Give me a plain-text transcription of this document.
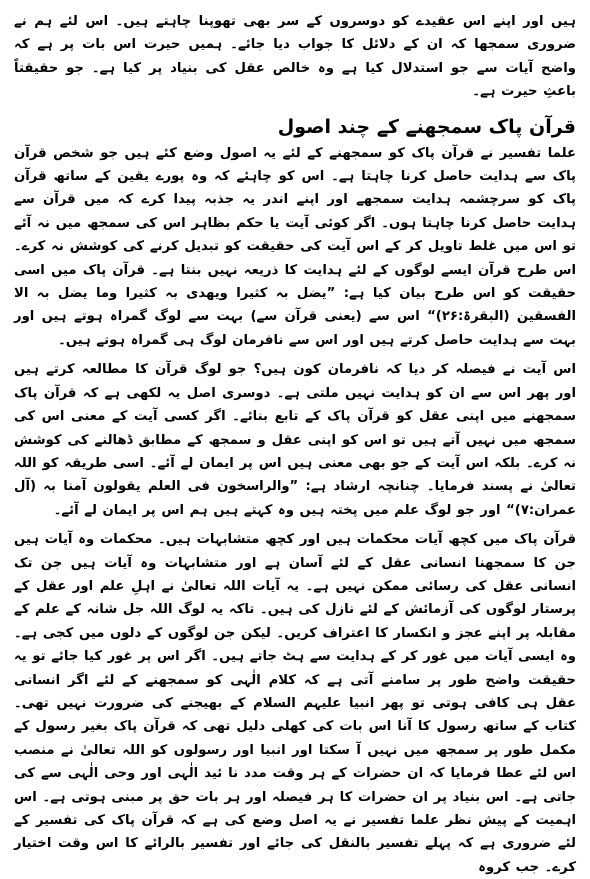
ہیں اور اپنے اس عقیدے کو دوسروں کے سر بھی تھوپنا چاہتے ہیں۔ اس لئے ہم نے ضروری سمجھا کہ ان کے دلائل کا جواب دیا جائے۔ ہمیں حیرت اس بات پر ہے کہ واضح آیات سے جو استدلال کیا ہے وہ خالص عقل کی بنیاد پر کیا ہے۔ جو حقیقتاً باعثِ حیرت ہے۔

قرآن پاک سمجھنے کے چند اصول

علما تفسیر نے قرآن پاک کو سمجھنے کے لئے یہ اصول وضع کئے ہیں جو شخص قرآن پاک سے ہدایت حاصل کرنا چاہتا ہے۔ اس کو چاہئے کہ وہ پورے یقین کے ساتھ قرآن پاک کو سرچشمہ ہدایت سمجھے اور اپنے اندر یہ جذبہ پیدا کرے کہ میں قرآن سے ہدایت حاصل کرنا چاہتا ہوں۔ اگر کوئی آیت یا حکم بظاہر اس کی سمجھ میں نہ آئے تو اس میں غلط تاویل کر کے اس آیت کی حقیقت کو تبدیل کرنے کی کوشش نہ کرے۔ اس طرح قرآن ایسے لوگوں کے لئے ہدایت کا ذریعہ نہیں بنتا ہے۔ قرآن پاک میں اسی حقیقت کو اس طرح بیان کیا ہے: ”یضل بہ کثیرا ویھدی بہ کثیرا وما یضل بہ الا الفسقین (البقرۃ:۲۶)“ اس سے (یعنی قرآن سے) بہت سے لوگ گمراہ ہوتے ہیں اور بہت سے ہدایت حاصل کرتے ہیں اور اس سے نافرمان لوگ ہی گمراہ ہوتے ہیں۔

اس آیت نے فیصلہ کر دیا کہ نافرمان کون ہیں؟ جو لوگ قرآن کا مطالعہ کرتے ہیں اور پھر اس سے ان کو ہدایت نہیں ملتی ہے۔ دوسری اصل یہ لکھی ہے کہ قرآن پاک سمجھنے میں اپنی عقل کو قرآن پاک کے تابع بنائے۔ اگر کسی آیت کے معنی اس کی سمجھ میں نہیں آتے ہیں تو اس کو اپنی عقل و سمجھ کے مطابق ڈھالنے کی کوشش نہ کرے۔ بلکہ اس آیت کے جو بھی معنی ہیں اس پر ایمان لے آئے۔ اسی طریقہ کو اللہ تعالیٰ نے پسند فرمایا۔ چنانچہ ارشاد ہے: ”والراسخون فی العلم یقولون آمنا بہ (آل عمران:۷)“ اور جو لوگ علم میں پختہ ہیں وہ کہتے ہیں ہم اس پر ایمان لے آئے۔

قرآن پاک میں کچھ آیات محکمات ہیں اور کچھ متشابہات ہیں۔ محکمات وہ آیات ہیں جن کا سمجھنا انسانی عقل کے لئے آسان ہے اور متشابہات وہ آیات ہیں جن تک انسانی عقل کی رسائی ممکن نہیں ہے۔ یہ آیات اللہ تعالیٰ نے اہلِ علم اور عقل کے پرستار لوگوں کی آزمائش کے لئے نازل کی ہیں۔ تاکہ یہ لوگ اللہ جل شانہ کے علم کے مقابلہ پر اپنے عجز و انکسار کا اعتراف کریں۔ لیکن جن لوگوں کے دلوں میں کجی ہے۔ وہ ایسی آیات میں غور کر کے ہدایت سے ہٹ جاتے ہیں۔ اگر اس پر غور کیا جائے تو یہ حقیقت واضح طور پر سامنے آتی ہے کہ کلام الٰہی کو سمجھنے کے لئے اگر انسانی عقل ہی کافی ہوتی تو پھر انبیا علیہم السلام کے بھیجنے کی ضرورت نہیں تھی۔ کتاب کے ساتھ رسول کا آنا اس بات کی کھلی دلیل تھی کہ قرآن پاک بغیر رسول کے مکمل طور پر سمجھ میں نہیں آ سکتا اور انبیا اور رسولوں کو اللہ تعالیٰ نے منصب اس لئے عطا فرمایا کہ ان حضرات کے ہر وقت مدد نا ئید الٰہی اور وحی الٰہی سے کی جاتی ہے۔ اس بنیاد پر ان حضرات کا ہر فیصلہ اور ہر بات حق پر مبنی ہوتی ہے۔ اس اہمیت کے پیش نظر علما تفسیر نے یہ اصل وضع کی ہے کہ قرآن پاک کی تفسیر کے لئے ضروری ہے کہ پہلے تفسیر بالنقل کی جائے اور تفسیر بالرائے کا اس وقت اختیار کرے۔ جب کروہ
